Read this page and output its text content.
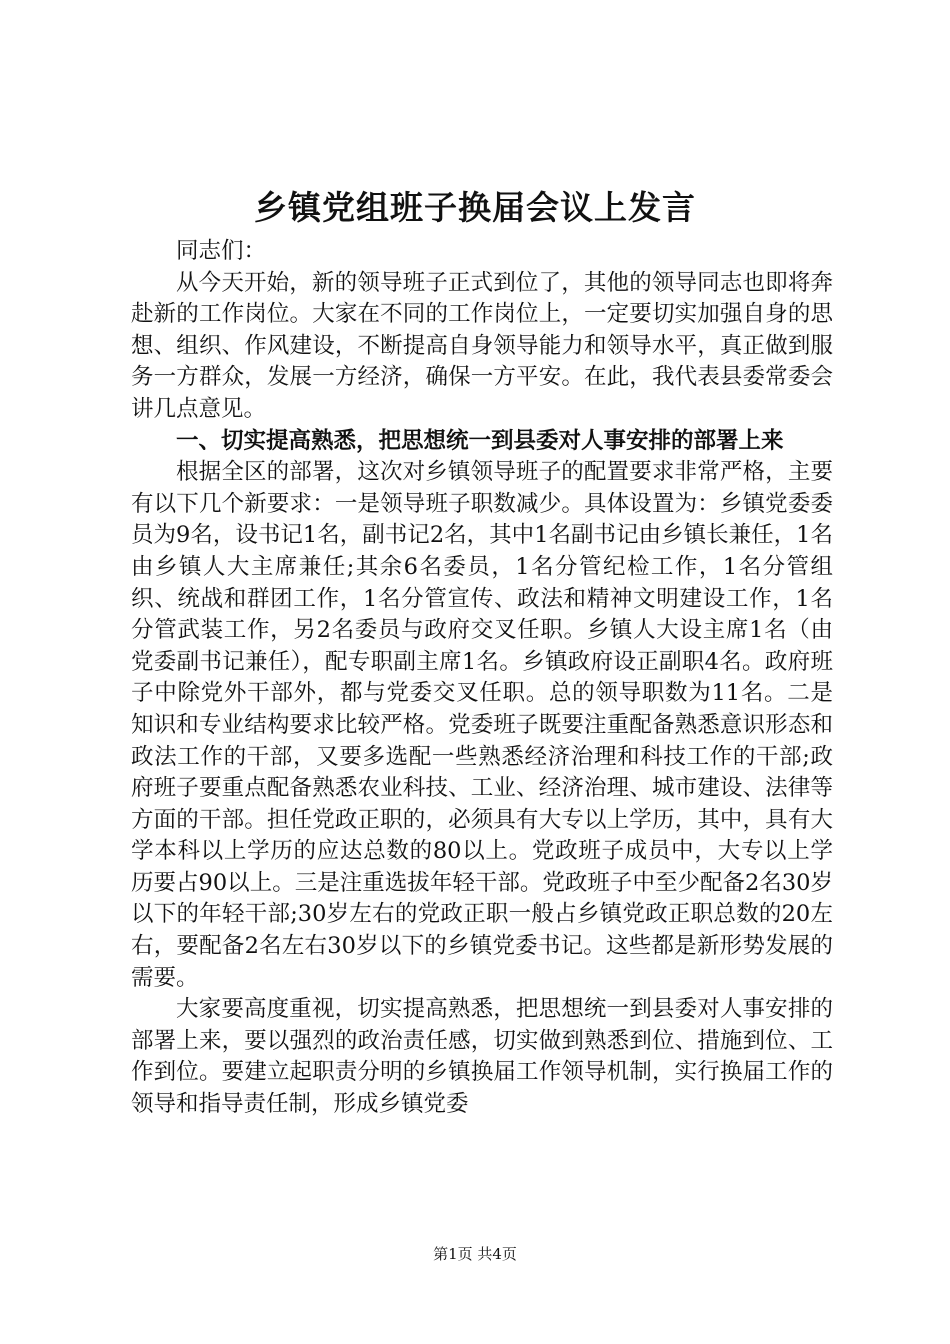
乡镇党组班子换届会议上发言

同志们：

从今天开始，新的领导班子正式到位了，其他的领导同志也即将奔赴新的工作岗位。大家在不同的工作岗位上，一定要切实加强自身的思想、组织、作风建设，不断提高自身领导能力和领导水平，真正做到服务一方群众，发展一方经济，确保一方平安。在此，我代表县委常委会讲几点意见。

一、切实提高熟悉，把思想统一到县委对人事安排的部署上来

根据全区的部署，这次对乡镇领导班子的配置要求非常严格，主要有以下几个新要求：一是领导班子职数减少。具体设置为：乡镇党委委员为9名，设书记1名，副书记2名，其中1名副书记由乡镇长兼任，1名由乡镇人大主席兼任;其余6名委员，1名分管纪检工作，1名分管组织、统战和群团工作，1名分管宣传、政法和精神文明建设工作，1名分管武装工作，另2名委员与政府交叉任职。乡镇人大设主席1名（由党委副书记兼任），配专职副主席1名。乡镇政府设正副职4名。政府班子中除党外干部外，都与党委交叉任职。总的领导职数为11名。二是知识和专业结构要求比较严格。党委班子既要注重配备熟悉意识形态和政法工作的干部，又要多选配一些熟悉经济治理和科技工作的干部;政府班子要重点配备熟悉农业科技、工业、经济治理、城市建设、法律等方面的干部。担任党政正职的，必须具有大专以上学历，其中，具有大学本科以上学历的应达总数的80以上。党政班子成员中，大专以上学历要占90以上。三是注重选拔年轻干部。党政班子中至少配备2名30岁以下的年轻干部;30岁左右的党政正职一般占乡镇党政正职总数的20左右，要配备2名左右30岁以下的乡镇党委书记。这些都是新形势发展的需要。

大家要高度重视，切实提高熟悉，把思想统一到县委对人事安排的部署上来，要以强烈的政治责任感，切实做到熟悉到位、措施到位、工作到位。要建立起职责分明的乡镇换届工作领导机制，实行换届工作的领导和指导责任制，形成乡镇党委

第1页 共4页
